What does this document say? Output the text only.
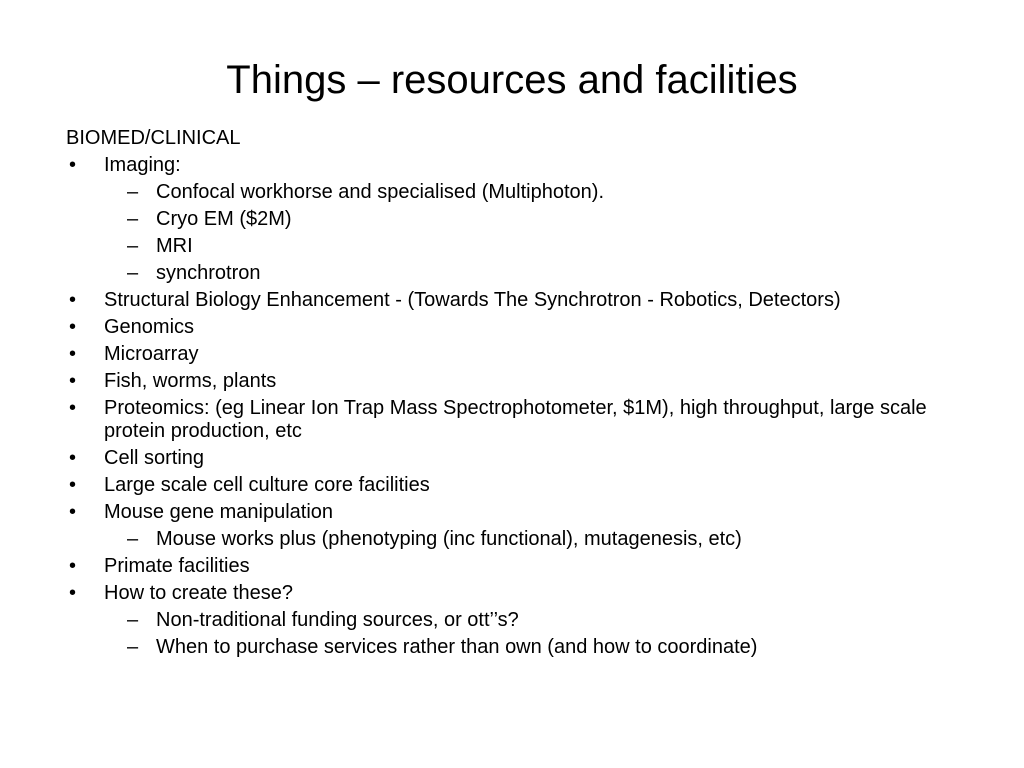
Things – resources and facilities
BIOMED/CLINICAL
• Imaging:
– Confocal workhorse and specialised (Multiphoton).
– Cryo EM ($2M)
– MRI
– synchrotron
• Structural Biology Enhancement - (Towards The Synchrotron - Robotics, Detectors)
• Genomics
• Microarray
• Fish, worms, plants
• Proteomics: (eg Linear Ion Trap Mass Spectrophotometer, $1M), high throughput, large scale protein production, etc
• Cell sorting
• Large scale cell culture core facilities
• Mouse gene manipulation
– Mouse works plus (phenotyping (inc functional), mutagenesis, etc)
• Primate facilities
• How to create these?
– Non-traditional funding sources, or ott’’s?
– When to purchase services rather than own (and how to coordinate)
